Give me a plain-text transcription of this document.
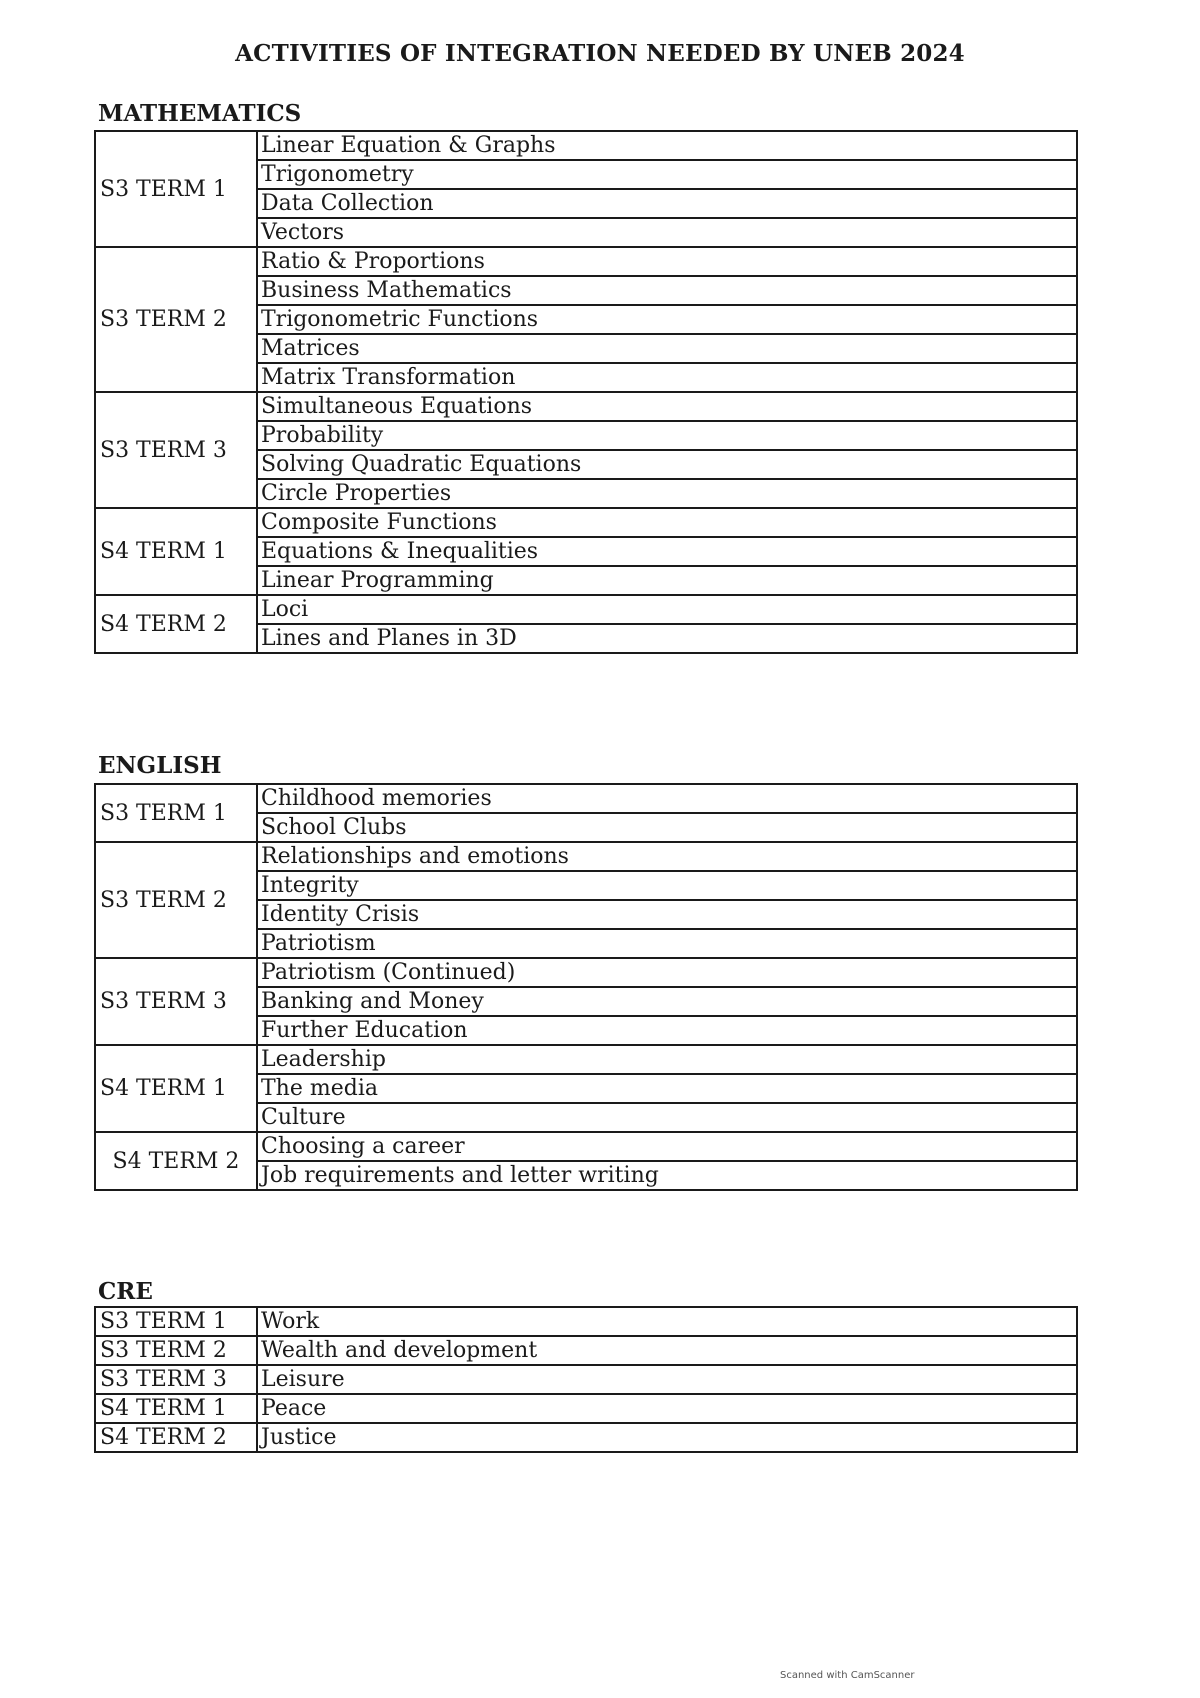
ACTIVITIES OF INTEGRATION NEEDED BY UNEB 2024
MATHEMATICS
S3 TERM 1	Linear Equation & Graphs
	Trigonometry
	Data Collection
	Vectors
S3 TERM 2	Ratio & Proportions
	Business Mathematics
	Trigonometric Functions
	Matrices
	Matrix Transformation
S3 TERM 3	Simultaneous Equations
	Probability
	Solving Quadratic Equations
	Circle Properties
S4 TERM 1	Composite Functions
	Equations & Inequalities
	Linear Programming
S4 TERM 2	Loci
	Lines and Planes in 3D
ENGLISH
S3 TERM 1	Childhood memories
	School Clubs
S3 TERM 2	Relationships and emotions
	Integrity
	Identity Crisis
	Patriotism
S3 TERM 3	Patriotism (Continued)
	Banking and Money
	Further Education
S4 TERM 1	Leadership
	The media
	Culture
S4 TERM 2	Choosing a career
	Job requirements and letter writing
CRE
S3 TERM 1	Work
S3 TERM 2	Wealth and development
S3 TERM 3	Leisure
S4 TERM 1	Peace
S4 TERM 2	Justice
Scanned with CamScanner
